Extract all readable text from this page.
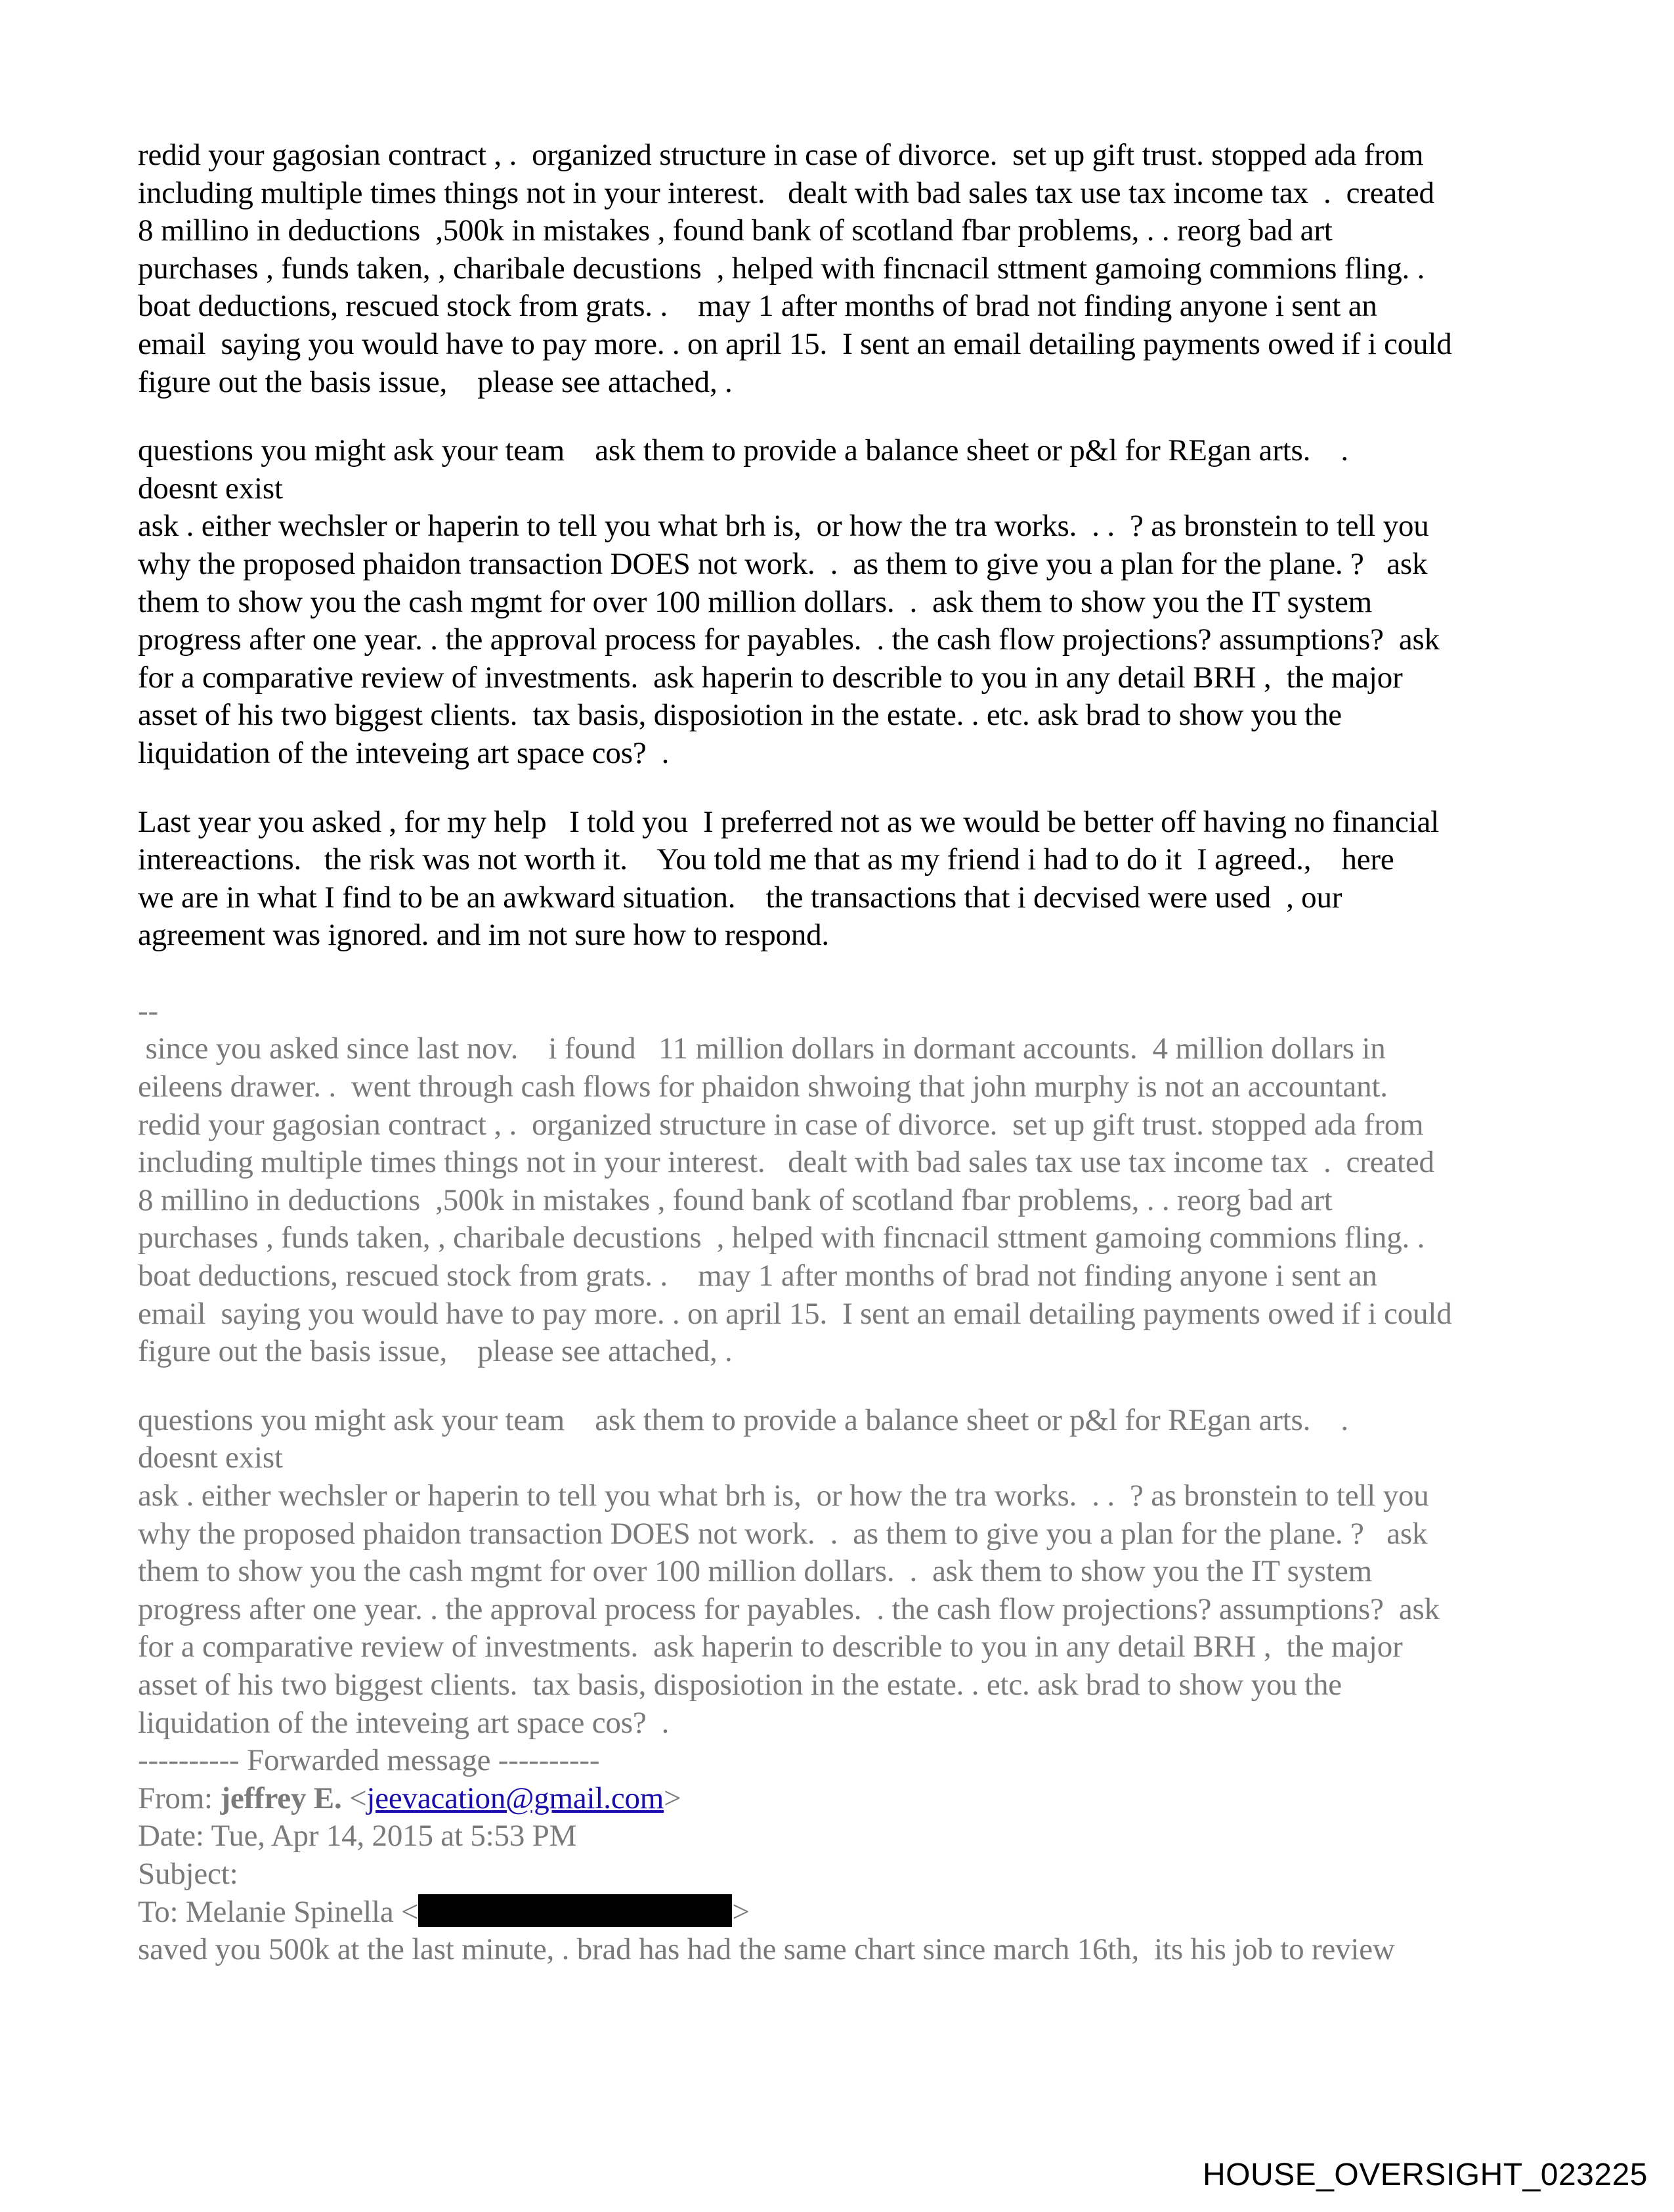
redid your gagosian contract , .  organized structure in case of divorce.  set up gift trust. stopped ada from
including multiple times things not in your interest.   dealt with bad sales tax use tax income tax  .  created
8 millino in deductions  ,500k in mistakes , found bank of scotland fbar problems, . . reorg bad art
purchases , funds taken, , charibale decustions  , helped with fincnacil sttment gamoing commions fling. .
boat deductions, rescued stock from grats. .    may 1 after months of brad not finding anyone i sent an
email  saying you would have to pay more. . on april 15.  I sent an email detailing payments owed if i could
figure out the basis issue,    please see attached, .
questions you might ask your team    ask them to provide a balance sheet or p&l for REgan arts.    .
doesnt exist
ask . either wechsler or haperin to tell you what brh is,  or how the tra works.  . .  ? as bronstein to tell you
why the proposed phaidon transaction DOES not work.  .  as them to give you a plan for the plane. ?   ask
them to show you the cash mgmt for over 100 million dollars.  .  ask them to show you the IT system
progress after one year. . the approval process for payables.  . the cash flow projections? assumptions?  ask
for a comparative review of investments.  ask haperin to describle to you in any detail BRH ,  the major
asset of his two biggest clients.  tax basis, disposiotion in the estate. . etc. ask brad to show you the
liquidation of the inteveing art space cos?  .
Last year you asked , for my help   I told you  I preferred not as we would be better off having no financial
intereactions.   the risk was not worth it.    You told me that as my friend i had to do it  I agreed.,    here
we are in what I find to be an awkward situation.    the transactions that i decvised were used  , our
agreement was ignored. and im not sure how to respond.
--
since you asked since last nov.    i found   11 million dollars in dormant accounts.  4 million dollars in
eileens drawer. .  went through cash flows for phaidon shwoing that john murphy is not an accountant.
redid your gagosian contract , .  organized structure in case of divorce.  set up gift trust. stopped ada from
including multiple times things not in your interest.   dealt with bad sales tax use tax income tax  .  created
8 millino in deductions  ,500k in mistakes , found bank of scotland fbar problems, . . reorg bad art
purchases , funds taken, , charibale decustions  , helped with fincnacil sttment gamoing commions fling. .
boat deductions, rescued stock from grats. .    may 1 after months of brad not finding anyone i sent an
email  saying you would have to pay more. . on april 15.  I sent an email detailing payments owed if i could
figure out the basis issue,    please see attached, .
questions you might ask your team    ask them to provide a balance sheet or p&l for REgan arts.    .
doesnt exist
ask . either wechsler or haperin to tell you what brh is,  or how the tra works.  . .  ? as bronstein to tell you
why the proposed phaidon transaction DOES not work.  .  as them to give you a plan for the plane. ?   ask
them to show you the cash mgmt for over 100 million dollars.  .  ask them to show you the IT system
progress after one year. . the approval process for payables.  . the cash flow projections? assumptions?  ask
for a comparative review of investments.  ask haperin to describle to you in any detail BRH ,  the major
asset of his two biggest clients.  tax basis, disposiotion in the estate. . etc. ask brad to show you the
liquidation of the inteveing art space cos?  .
---------- Forwarded message ----------
From: jeffrey E. <jeevacation@gmail.com>
Date: Tue, Apr 14, 2015 at 5:53 PM
Subject:
To: Melanie Spinella <	>
saved you 500k at the last minute, . brad has had the same chart since march 16th,  its his job to review
HOUSE_OVERSIGHT_023225
